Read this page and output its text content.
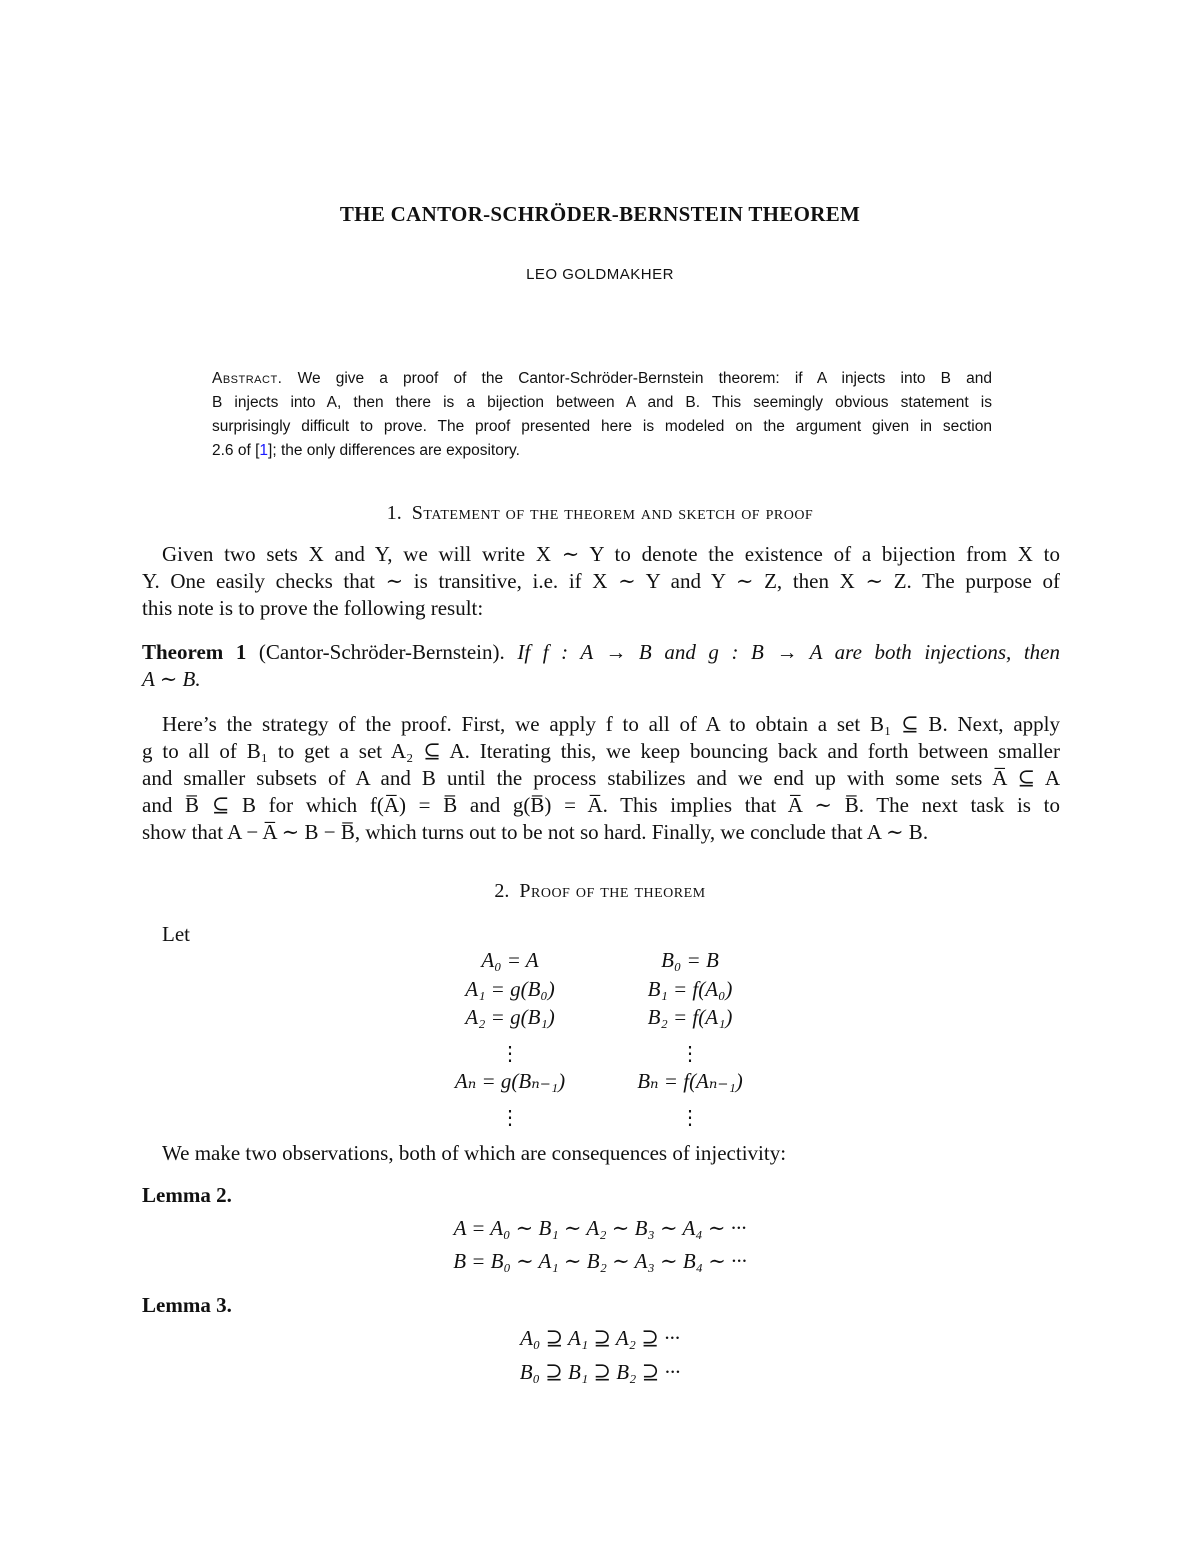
THE CANTOR-SCHRÖDER-BERNSTEIN THEOREM
LEO GOLDMAKHER
Abstract. We give a proof of the Cantor-Schröder-Bernstein theorem: if A injects into B and
B injects into A, then there is a bijection between A and B. This seemingly obvious statement is
surprisingly difficult to prove. The proof presented here is modeled on the argument given in section
2.6 of [1]; the only differences are expository.
1. Statement of the theorem and sketch of proof
Given two sets X and Y, we will write X ∼ Y to denote the existence of a bijection from X to
Y. One easily checks that ∼ is transitive, i.e. if X ∼ Y and Y ∼ Z, then X ∼ Z. The purpose of
this note is to prove the following result:
Theorem 1 (Cantor-Schröder-Bernstein). If f : A → B and g : B → A are both injections, then
A ∼ B.
Here’s the strategy of the proof. First, we apply f to all of A to obtain a set B₁ ⊆ B. Next, apply
g to all of B₁ to get a set A₂ ⊆ A. Iterating this, we keep bouncing back and forth between smaller
and smaller subsets of A and B until the process stabilizes and we end up with some sets A̅ ⊆ A
and B̅ ⊆ B for which f(A̅) = B̅ and g(B̅) = A̅. This implies that A̅ ∼ B̅. The next task is to
show that A − A̅ ∼ B − B̅, which turns out to be not so hard. Finally, we conclude that A ∼ B.
2. Proof of the theorem
Let
A₀ = A	B₀ = B
A₁ = g(B₀)	B₁ = f(A₀)
A₂ = g(B₁)	B₂ = f(A₁)
⋮	⋮
Aₙ = g(Bₙ₋₁)	Bₙ = f(Aₙ₋₁)
⋮	⋮
We make two observations, both of which are consequences of injectivity:
Lemma 2.
A = A₀ ∼ B₁ ∼ A₂ ∼ B₃ ∼ A₄ ∼ ···
B = B₀ ∼ A₁ ∼ B₂ ∼ A₃ ∼ B₄ ∼ ···
Lemma 3.
A₀ ⊇ A₁ ⊇ A₂ ⊇ ···
B₀ ⊇ B₁ ⊇ B₂ ⊇ ···
